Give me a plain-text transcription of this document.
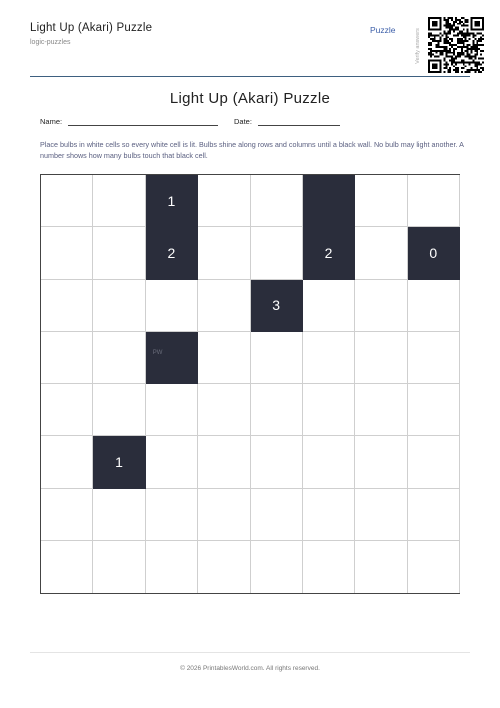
Light Up (Akari) Puzzle
logic-puzzles
Puzzle	Verify answers
Light Up (Akari) Puzzle
Name:	Date:
Place bulbs in white cells so every white cell is lit. Bulbs shine along rows and columns until a black wall. No bulb may light another. A number shows how many bulbs touch that black cell.
1
2	2	0
3
PW
1
© 2026 PrintablesWorld.com. All rights reserved.
